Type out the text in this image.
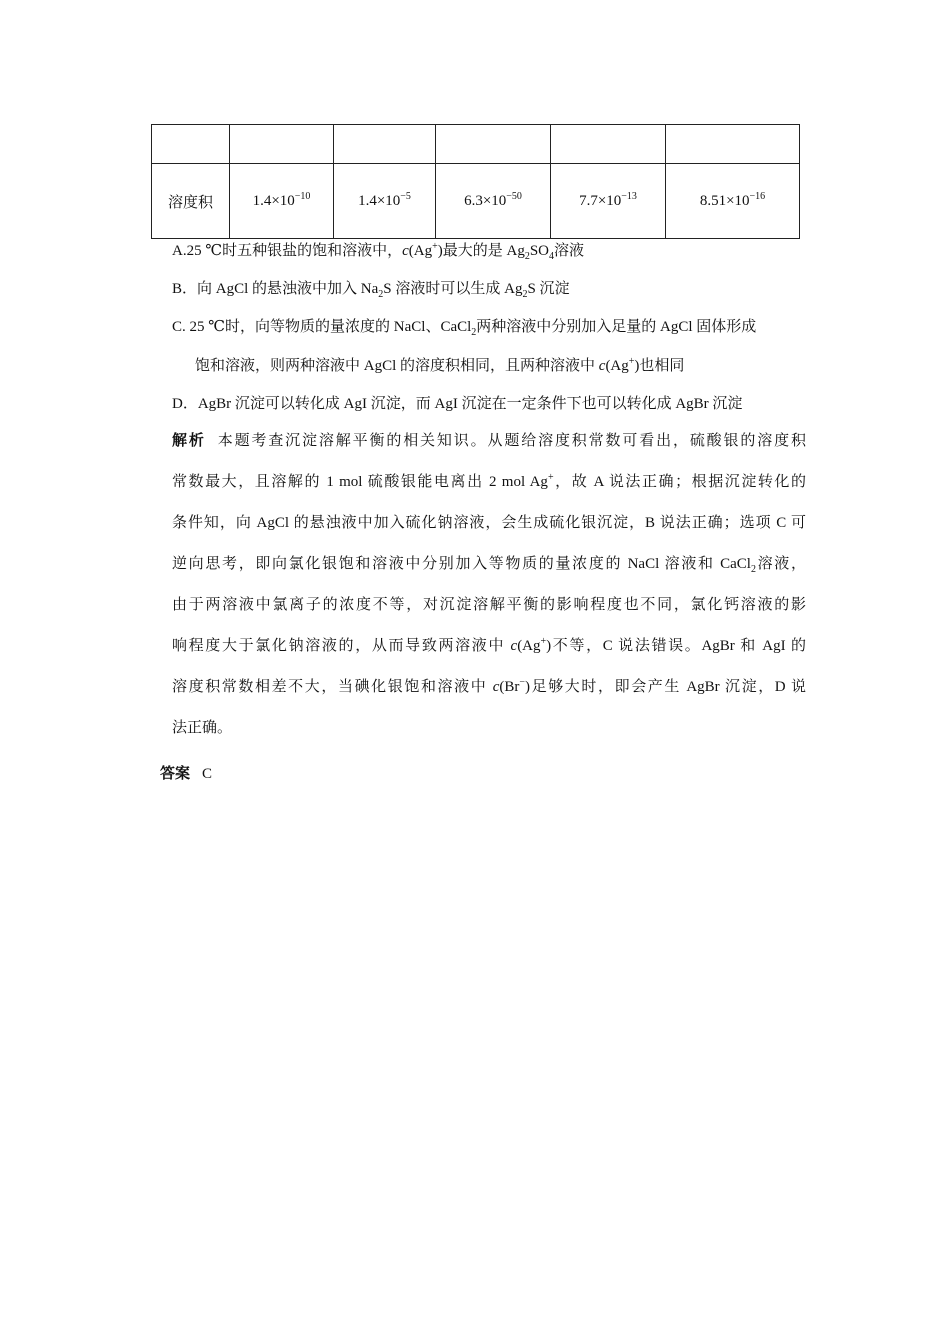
溶度积	$1.4\times 10^{-10}$	$1.4\times 10^{-5}$	$6.3\times 10^{-50}$	$7.7\times 10^{-13}$	$8.51\times 10^{-16}$
A.25 ℃时五种银盐的饱和溶液中，c(Ag+)最大的是 $Ag_2SO_4$溶液
B．向 AgCl 的悬浊液中加入 $Na_2S$ 溶液时可以生成 $Ag_2S$ 沉淀
C. 25 ℃时，向等物质的量浓度的 NaCl、CaCl$_2$两种溶液中分别加入足量的 AgCl 固体形成
饱和溶液，则两种溶液中 AgCl 的溶度积相同，且两种溶液中 c(Ag+)也相同
D．AgBr 沉淀可以转化成 AgI 沉淀，而 AgI 沉淀在一定条件下也可以转化成 AgBr 沉淀
解析 本题考查沉淀溶解平衡的相关知识。从题给溶度积常数可看出，硫酸银的溶度积
常数最大，且溶解的 1 mol 硫酸银能电离出 2 mol Ag+，故 A 说法正确；根据沉淀转化的
条件知，向 AgCl 的悬浊液中加入硫化钠溶液，会生成硫化银沉淀，B 说法正确；选项 C 可
逆向思考，即向氯化银饱和溶液中分别加入等物质的量浓度的 NaCl 溶液和 CaCl$_2$溶液，
由于两溶液中氯离子的浓度不等，对沉淀溶解平衡的影响程度也不同，氯化钙溶液的影
响程度大于氯化钠溶液的，从而导致两溶液中 c(Ag+)不等，C 说法错误。AgBr 和 AgI 的
溶度积常数相差不大，当碘化银饱和溶液中 c(Br−)足够大时，即会产生 AgBr 沉淀，D 说
法正确。
答案 C
